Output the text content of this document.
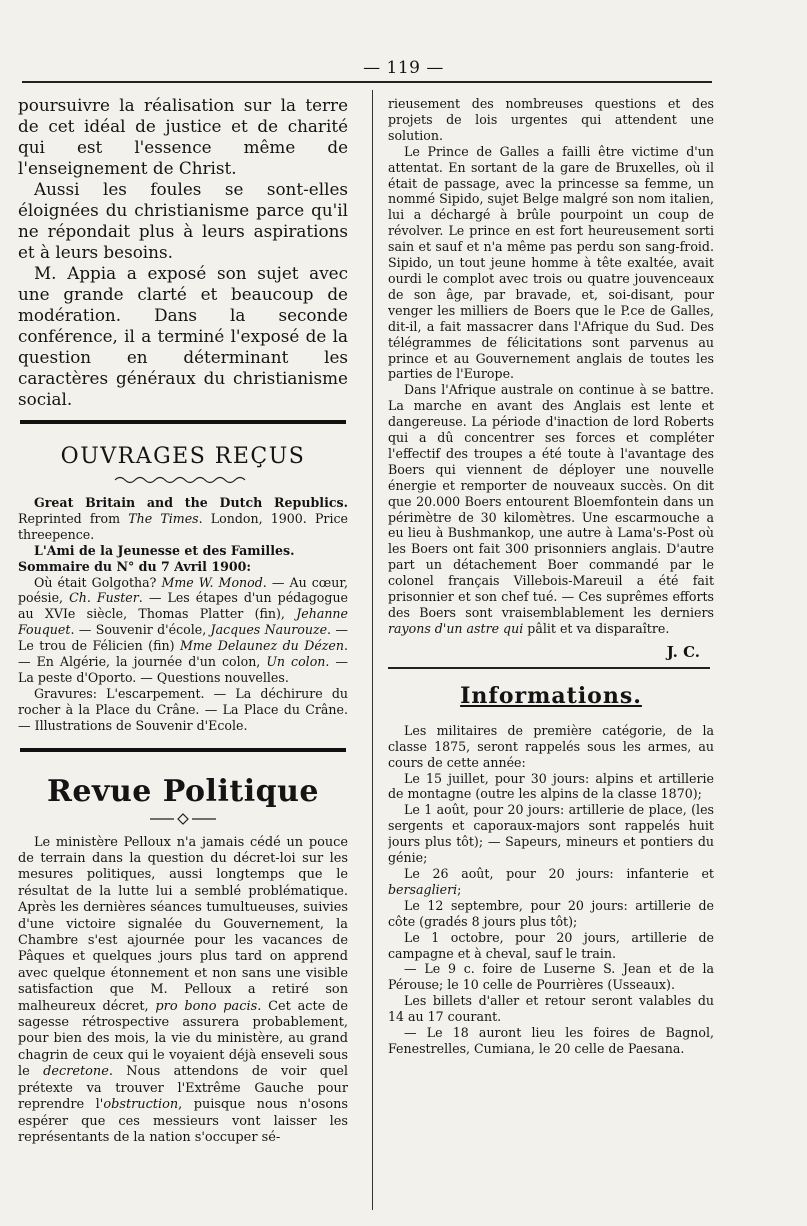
— 119 —

poursuivre la réalisation sur la terre de cet idéal de justice et de charité qui est l'essence même de l'enseignement de Christ.

Aussi les foules se sont-elles éloignées du christianisme parce qu'il ne répondait plus à leurs aspirations et à leurs besoins.

M. Appia a exposé son sujet avec une grande clarté et beaucoup de modération. Dans la seconde conférence, il a terminé l'exposé de la question en déterminant les caractères généraux du christianisme social.

OUVRAGES REÇUS

Great Britain and the Dutch Republics. Reprinted from The Times. London, 1900. Price threepence.

L'Ami de la Jeunesse et des Familles.

Sommaire du N° du 7 Avril 1900:

Où était Golgotha? Mme W. Monod. — Au cœur, poésie, Ch. Fuster. — Les étapes d'un pédagogue au XVIe siècle, Thomas Platter (fin), Jehanne Fouquet. — Souvenir d'école, Jacques Naurouze. — Le trou de Félicien (fin) Mme Delaunez du Dézen. — En Algérie, la journée d'un colon, Un colon. — La peste d'Oporto. — Questions nouvelles.

Gravures: L'escarpement. — La déchirure du rocher à la Place du Crâne. — La Place du Crâne. — Illustrations de Souvenir d'Ecole.

Revue Politique

Le ministère Pelloux n'a jamais cédé un pouce de terrain dans la question du décret-loi sur les mesures politiques, aussi longtemps que le résultat de la lutte lui a semblé problématique. Après les dernières séances tumultueuses, suivies d'une victoire signalée du Gouvernement, la Chambre s'est ajournée pour les vacances de Pâques et quelques jours plus tard on apprend avec quelque étonnement et non sans une visible satisfaction que M. Pelloux a retiré son malheureux décret, pro bono pacis. Cet acte de sagesse rétrospective assurera probablement, pour bien des mois, la vie du ministère, au grand chagrin de ceux qui le voyaient déjà enseveli sous le decretone. Nous attendons de voir quel prétexte va trouver l'Extrême Gauche pour reprendre l'obstruction, puisque nous n'osons espérer que ces messieurs vont laisser les représentants de la nation s'occuper sé-

rieusement des nombreuses questions et des projets de lois urgentes qui attendent une solution.

Le Prince de Galles a failli être victime d'un attentat. En sortant de la gare de Bruxelles, où il était de passage, avec la princesse sa femme, un nommé Sipido, sujet Belge malgré son nom italien, lui a déchargé à brûle pourpoint un coup de révolver. Le prince en est fort heureusement sorti sain et sauf et n'a même pas perdu son sang-froid. Sipido, un tout jeune homme à tête exaltée, avait ourdi le complot avec trois ou quatre jouvenceaux de son âge, par bravade, et, soi-disant, pour venger les milliers de Boers que le P.ce de Galles, dit-il, a fait massacrer dans l'Afrique du Sud. Des télégrammes de félicitations sont parvenus au prince et au Gouvernement anglais de toutes les parties de l'Europe.

Dans l'Afrique australe on continue à se battre. La marche en avant des Anglais est lente et dangereuse. La période d'inaction de lord Roberts qui a dû concentrer ses forces et compléter l'effectif des troupes a été toute à l'avantage des Boers qui viennent de déployer une nouvelle énergie et remporter de nouveaux succès. On dit que 20.000 Boers entourent Bloemfontein dans un périmètre de 30 kilomètres. Une escarmouche a eu lieu à Bushmankop, une autre à Lama's-Post où les Boers ont fait 300 prisonniers anglais. D'autre part un détachement Boer commandé par le colonel français Villebois-Mareuil a été fait prisonnier et son chef tué. — Ces suprêmes efforts des Boers sont vraisemblablement les derniers rayons d'un astre qui pâlit et va disparaître.

J. C.
Informations.

Les militaires de première catégorie, de la classe 1875, seront rappelés sous les armes, au cours de cette année:

Le 15 juillet, pour 30 jours: alpins et artillerie de montagne (outre les alpins de la classe 1870);

Le 1 août, pour 20 jours: artillerie de place, (les sergents et caporaux-majors sont rappelés huit jours plus tôt); — Sapeurs, mineurs et pontiers du génie;

Le 26 août, pour 20 jours: infanterie et bersaglieri;

Le 12 septembre, pour 20 jours: artillerie de côte (gradés 8 jours plus tôt);

Le 1 octobre, pour 20 jours, artillerie de campagne et à cheval, sauf le train.

— Le 9 c. foire de Luserne S. Jean et de la Pérouse; le 10 celle de Pourrières (Usseaux).

Les billets d'aller et retour seront valables du 14 au 17 courant.

— Le 18 auront lieu les foires de Bagnol, Fenestrelles, Cumiana, le 20 celle de Paesana.
